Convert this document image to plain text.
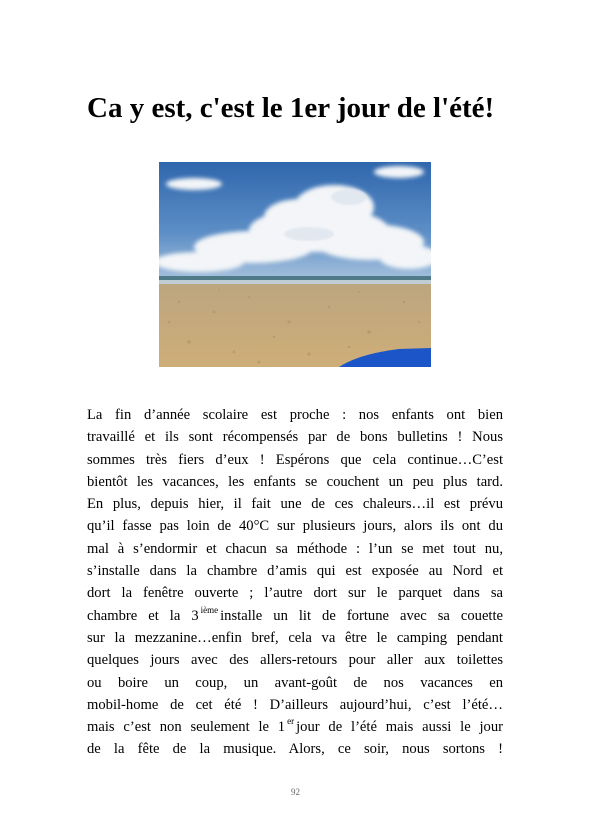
Ca y est, c'est le 1er jour de l'été!
La fin d’année scolaire est proche : nos enfants ont bien
travaillé et ils sont récompensés par de bons bulletins ! Nous
sommes très fiers d’eux ! Espérons que cela continue…C’est
bientôt les vacances, les enfants se couchent un peu plus tard.
En plus, depuis hier, il fait une de ces chaleurs…il est prévu
qu’il fasse pas loin de 40°C sur plusieurs jours, alors ils ont du
mal à s’endormir et chacun sa méthode : l’un se met tout nu,
s’installe dans la chambre d’amis qui est exposée au Nord et
dort la fenêtre ouverte ; l’autre dort sur le parquet dans sa
chambre et la 3 $^{ième}$ installe un lit de fortune avec sa couette
sur la mezzanine…enfin bref, cela va être le camping pendant
quelques jours avec des allers-retours pour aller aux toilettes
ou boire un coup, un avant-goût de nos vacances en
mobil-home de cet été ! D’ailleurs aujourd’hui, c’est l’été…
mais c’est non seulement le 1 $^{er}$ jour de l’été mais aussi le jour
de la fête de la musique. Alors, ce soir, nous sortons !
92
